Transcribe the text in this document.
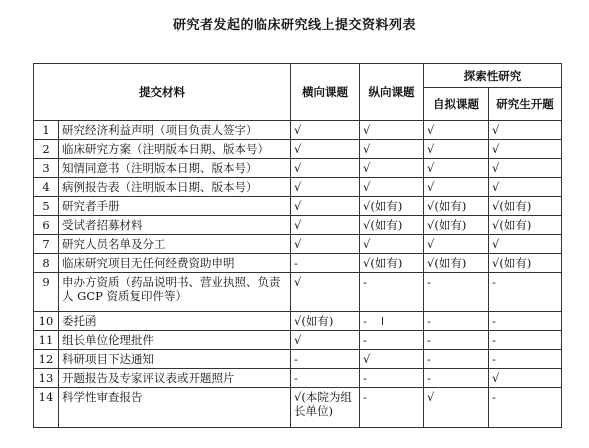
研究者发起的临床研究线上提交资料列表
提交材料		横向课题	纵向课题	探索性研究	
				自拟课题	研究生开题
1	研究经济利益声明（项目负责人签字）	√	√	√	√
2	临床研究方案（注明版本日期、版本号）	√	√	√	√
3	知情同意书（注明版本日期、版本号）	√	√	√	√
4	病例报告表（注明版本日期、版本号）	√	√	√	√
5	研究者手册	√	√(如有)	√(如有)	√(如有)
6	受试者招募材料	√	√(如有)	√(如有)	√(如有)
7	研究人员名单及分工	√	√	√	√
8	临床研究项目无任何经费资助申明	-	√(如有)	√(如有)	√(如有)
9	申办方资质（药品说明书、营业执照、负责人 GCP 资质复印件等）	√	-	-	-
10	委托函	√(如有)	- I	-	-
11	组长单位伦理批件	√	-	-	-
12	科研项目下达通知	-	√	-	-
13	开题报告及专家评议表或开题照片	-	-	-	√
14	科学性审查报告	√(本院为组长单位)	-	√	-
